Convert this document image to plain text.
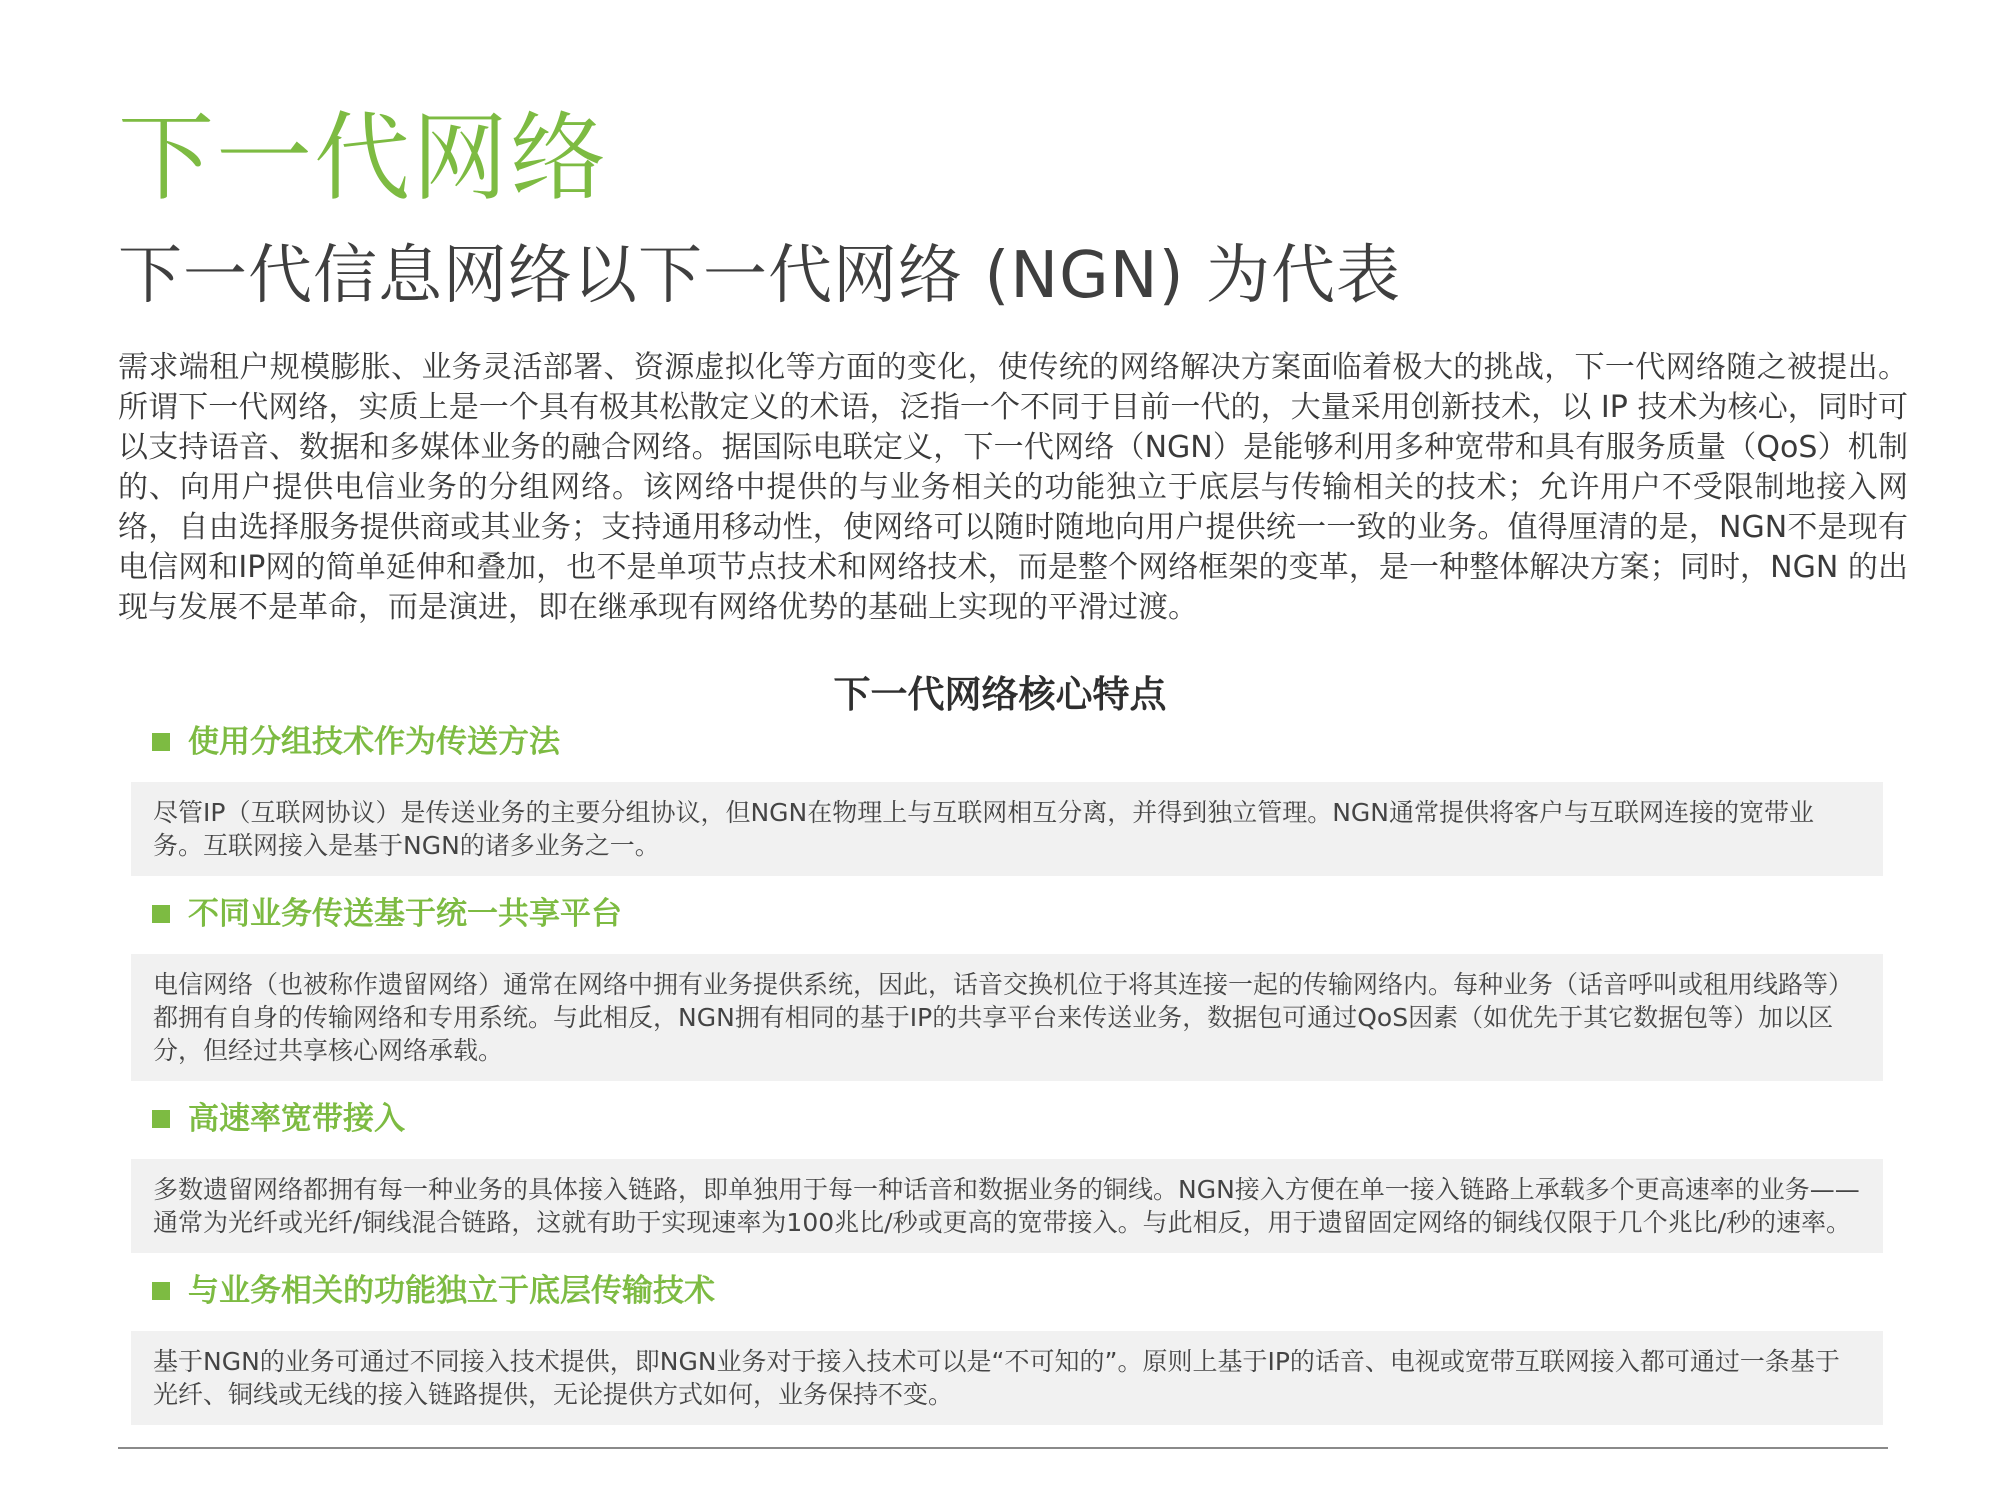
下一代网络
下一代信息网络以下一代网络 (NGN) 为代表

需求端租户规模膨胀、业务灵活部署、资源虚拟化等方面的变化，使传统的网络解决方案面临着极大的挑战，下一代网络随之被提出。所谓下一代网络，实质上是一个具有极其松散定义的术语，泛指一个不同于目前一代的，大量采用创新技术，以 IP 技术为核心，同时可以支持语音、数据和多媒体业务的融合网络。据国际电联定义，下一代网络（NGN）是能够利用多种宽带和具有服务质量（QoS）机制的、向用户提供电信业务的分组网络。该网络中提供的与业务相关的功能独立于底层与传输相关的技术；允许用户不受限制地接入网络，自由选择服务提供商或其业务；支持通用移动性，使网络可以随时随地向用户提供统一一致的业务。值得厘清的是，NGN不是现有电信网和IP网的简单延伸和叠加，也不是单项节点技术和网络技术，而是整个网络框架的变革，是一种整体解决方案；同时，NGN 的出现与发展不是革命，而是演进，即在继承现有网络优势的基础上实现的平滑过渡。

下一代网络核心特点
使用分组技术作为传送方法
尽管IP（互联网协议）是传送业务的主要分组协议，但NGN在物理上与互联网相互分离，并得到独立管理。NGN通常提供将客户与互联网连接的宽带业务。互联网接入是基于NGN的诸多业务之一。
不同业务传送基于统一共享平台
电信网络（也被称作遗留网络）通常在网络中拥有业务提供系统，因此，话音交换机位于将其连接一起的传输网络内。每种业务（话音呼叫或租用线路等）都拥有自身的传输网络和专用系统。与此相反，NGN拥有相同的基于IP的共享平台来传送业务，数据包可通过QoS因素（如优先于其它数据包等）加以区分，但经过共享核心网络承载。
高速率宽带接入
多数遗留网络都拥有每一种业务的具体接入链路，即单独用于每一种话音和数据业务的铜线。NGN接入方便在单一接入链路上承载多个更高速率的业务——通常为光纤或光纤/铜线混合链路，这就有助于实现速率为100兆比/秒或更高的宽带接入。与此相反，用于遗留固定网络的铜线仅限于几个兆比/秒的速率。
与业务相关的功能独立于底层传输技术
基于NGN的业务可通过不同接入技术提供，即NGN业务对于接入技术可以是“不可知的”。原则上基于IP的话音、电视或宽带互联网接入都可通过一条基于光纤、铜线或无线的接入链路提供，无论提供方式如何，业务保持不变。
